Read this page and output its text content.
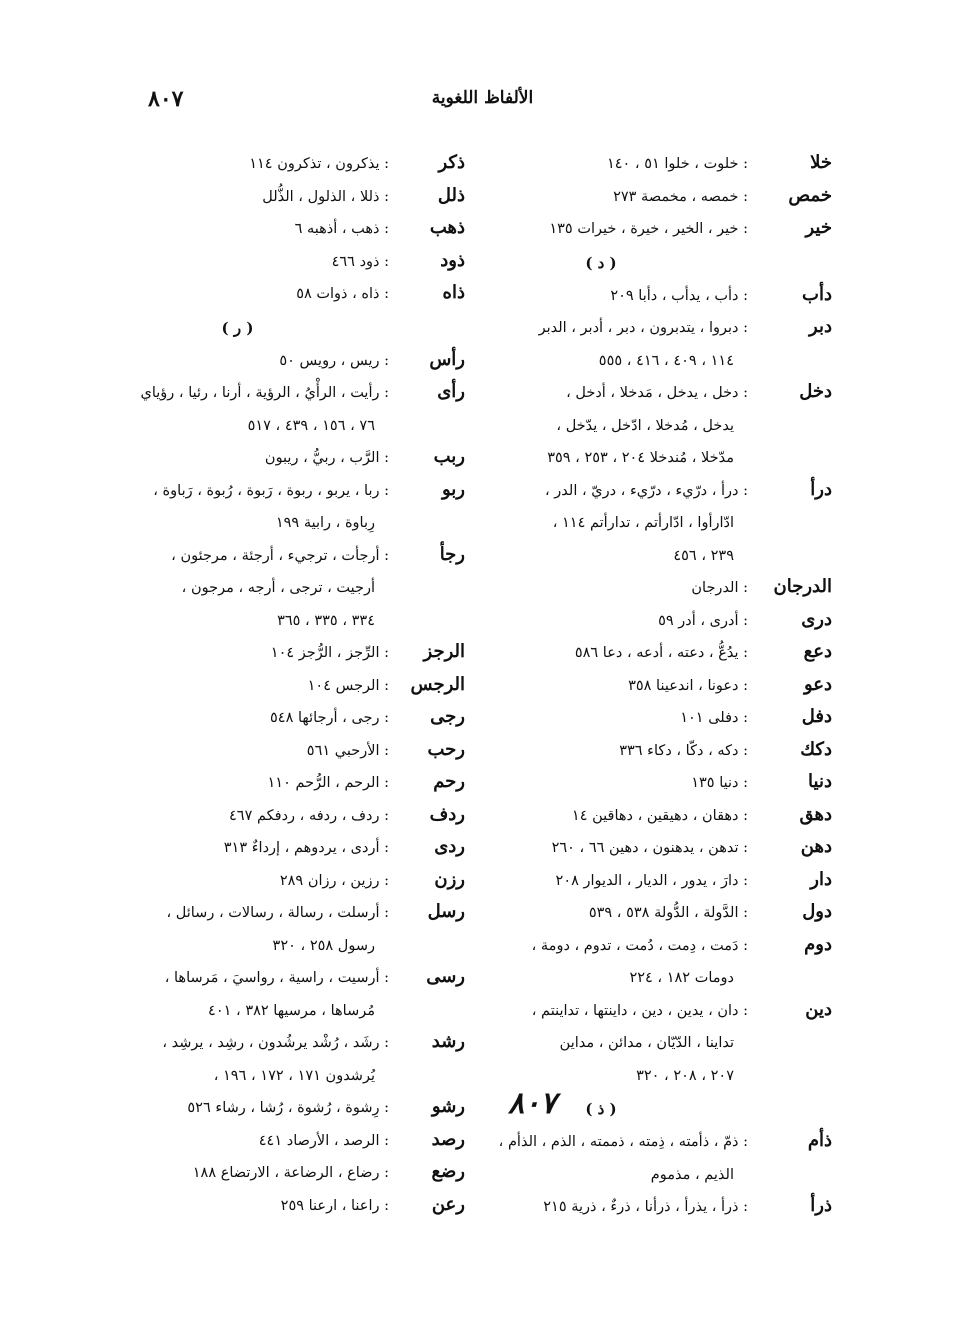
الألفاظ اللغوية
٨٠٧
خلا
: خلوت ، خلوا ٥١ ، ١٤٠
خمص
: خمصه ، مخمصة ٢٧٣
خير
: خير ، الخير ، خيرة ، خيرات ١٣٥
( د )
دأب
: دأب ، يدأب ، دأبا ٢٠٩
دبر
: دبروا ، يتدبرون ، دبر ، أدبر ، الدبر
١١٤ ، ٤٠٩ ، ٤١٦ ، ٥٥٥
دخل
: دخل ، يدخل ، مَدخلا ، أدخل ،
يدخل ، مُدخلا ، ادّخل ، يدّخل ،
مدّخلا ، مُندخلا ٢٠٤ ، ٢٥٣ ، ٣٥٩
درأ
: درأ ، درّيء ، درّيء ، دريّ ، الدر ،
ادّارأوا ، ادّارأتم ، تدارأتم ١١٤ ،
٢٣٩ ، ٤٥٦
الدرجان
: الدرجان
درى
: أدرى ، أدر ٥٩
دعع
: يدُعُّ ، دعته ، أدعه ، دعا ٥٨٦
دعو
: دعونا ، اندعينا ٣٥٨
دفل
: دفلى ١٠١
دكك
: دكه ، دكّا ، دكاء ٣٣٦
دنيا
: دنيا ١٣٥
دهق
: دهقان ، دهيقين ، دهاقين ١٤
دهن
: تدهن ، يدهنون ، دهين ٦٦ ، ٢٦٠
دار
: دارَ ، يدور ، الديار ، الديوار ٢٠٨
دول
: الدَّولة ، الدُّولة ٥٣٨ ، ٥٣٩
دوم
: دَمت ، دِمت ، دُمت ، تدوم ، دومة ،
دومات ١٨٢ ، ٢٢٤
دين
: دان ، يدين ، دين ، داينتها ، تداينتم ،
تداينا ، الدّيّان ، مدائن ، مداين
٢٠٧ ، ٢٠٨ ، ٣٢٠
( ذ )
ذأم
: ذمّ ، ذأمته ، ذِمته ، ذممته ، الذم ، الذأم ،
الذيم ، مذموم
ذرأ
: ذرأ ، يذرأ ، ذرأنا ، ذرءٌ ، ذرية ٢١٥
ذكر
: يذكرون ، تذكرون ١١٤
ذلل
: ذللا ، الذلول ، الذُّلل
ذهب
: ذهب ، أذهبه ٦
ذود
: ذود ٤٦٦
ذاه
: ذاه ، ذوات ٥٨
( ر )
رأس
: ريس ، رويس ٥٠
رأى
: رأيت ، الرأْيُ ، الرؤية ، أرنا ، رئيا ، رؤياي
٧٦ ، ١٥٦ ، ٤٣٩ ، ٥١٧
ربب
: الرَّب ، ربيُّ ، ريبون
ربو
: ربا ، يربو ، ربوة ، رَبوة ، رُبوة ، رَباوة ،
رِباوة ، رابية ١٩٩
رجأ
: أرجأت ، ترجيء ، أرجئة ، مرجئون ،
أرجيت ، ترجى ، أرجه ، مرجون ،
٣٣٤ ، ٣٣٥ ، ٣٦٥
الرجز
: الرِّجز ، الرُّجز ١٠٤
الرجس
: الرجس ١٠٤
رجى
: رجى ، أرجائها ٥٤٨
رحب
: الأرحبي ٥٦١
رحم
: الرحم ، الرُّحم ١١٠
ردف
: ردف ، ردفه ، ردفكم ٤٦٧
ردى
: أردى ، يردوهم ، إرداءٌ ٣١٣
رزن
: رزين ، رزان ٢٨٩
رسل
: أرسلت ، رسالة ، رسالات ، رسائل ،
رسول ٢٥٨ ، ٣٢٠
رسى
: أرسيت ، راسية ، رواسيَ ، مَرساها ،
مُرساها ، مرسيها ٣٨٢ ، ٤٠١
رشد
: رشَد ، رُشْد يرشُدون ، رشِد ، يرشِد ،
يُرشدون ١٧١ ، ١٧٢ ، ١٩٦ ،
رشو
: رِشوة ، رُشوة ، رُشا ، رشاء ٥٢٦
رصد
: الرصد ، الأرصاد ٤٤١
رضع
: رضاع ، الرضاعة ، الارتضاع ١٨٨
رعن
: راعنا ، ارعنا ٢٥٩
٨٠٧
